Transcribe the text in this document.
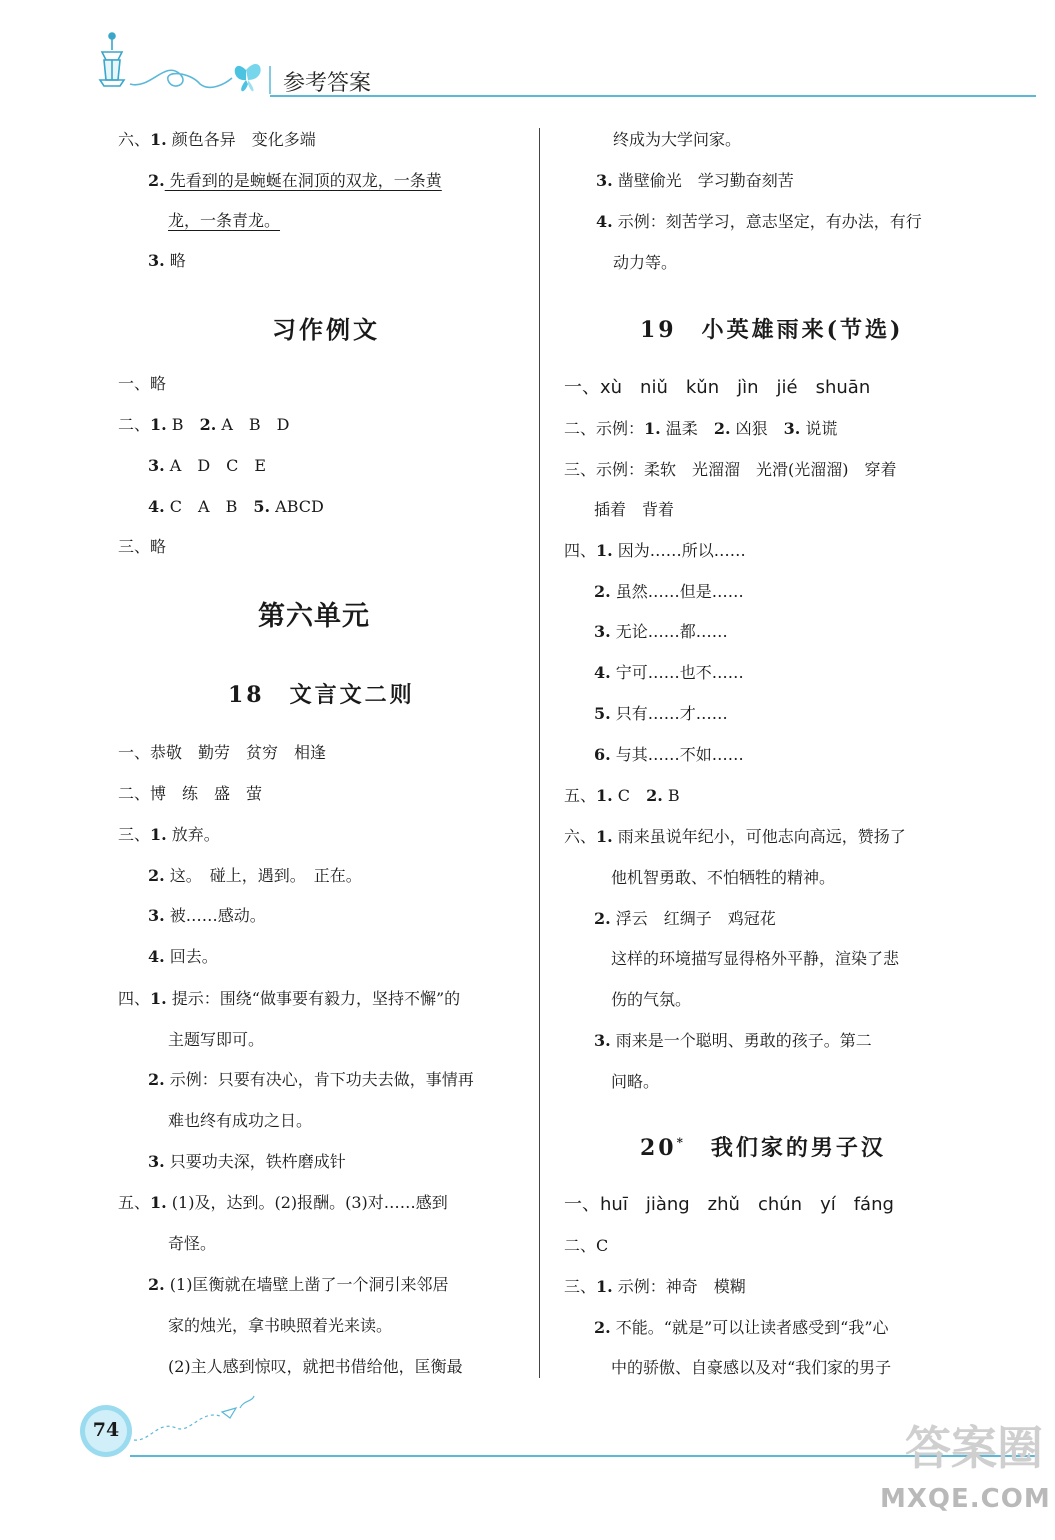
参考答案
六、1. 颜色各异　变化多端
2. 先看到的是蜿蜒在洞顶的双龙，一条黄
龙，一条青龙。
3. 略
习作例文
一、略
二、1. B　2. A　B　D
3. A　D　C　E
4. C　A　B　5. ABCD
三、略
第六单元
18　文言文二则
一、恭敬　勤劳　贫穷　相逢
二、博　练　盛　萤
三、1. 放弃。
2. 这。　碰上，遇到。　正在。
3. 被……感动。
4. 回去。
四、1. 提示：围绕“做事要有毅力，坚持不懈”的
主题写即可。
2. 示例：只要有决心，肯下功夫去做，事情再
难也终有成功之日。
3. 只要功夫深，铁杵磨成针
五、1. (1)及，达到。(2)报酬。(3)对……感到
奇怪。
2. (1)匡衡就在墙壁上凿了一个洞引来邻居
家的烛光，拿书映照着光来读。
(2)主人感到惊叹，就把书借给他，匡衡最
终成为大学问家。
3. 凿壁偷光　学习勤奋刻苦
4. 示例：刻苦学习，意志坚定，有办法，有行
动力等。
19　小英雄雨来(节选)
一、xù　niǔ　kǔn　jìn　jié　shuān
二、示例：1. 温柔　2. 凶狠　3. 说谎
三、示例：柔软　光溜溜　光滑(光溜溜)　穿着
插着　背着
四、1. 因为……所以……
2. 虽然……但是……
3. 无论……都……
4. 宁可……也不……
5. 只有……才……
6. 与其……不如……
五、1. C　2. B
六、1. 雨来虽说年纪小，可他志向高远，赞扬了
他机智勇敢、不怕牺牲的精神。
2. 浮云　红绸子　鸡冠花
这样的环境描写显得格外平静，渲染了悲
伤的气氛。
3. 雨来是一个聪明、勇敢的孩子。第二
问略。
20*　我们家的男子汉
一、huī　jiàng　zhǔ　chún　yí　fáng
二、C
三、1. 示例：神奇　模糊
2. 不能。“就是”可以让读者感受到“我”心
中的骄傲、自豪感以及对“我们家的男子
74	答案圈
MXQE.COM
